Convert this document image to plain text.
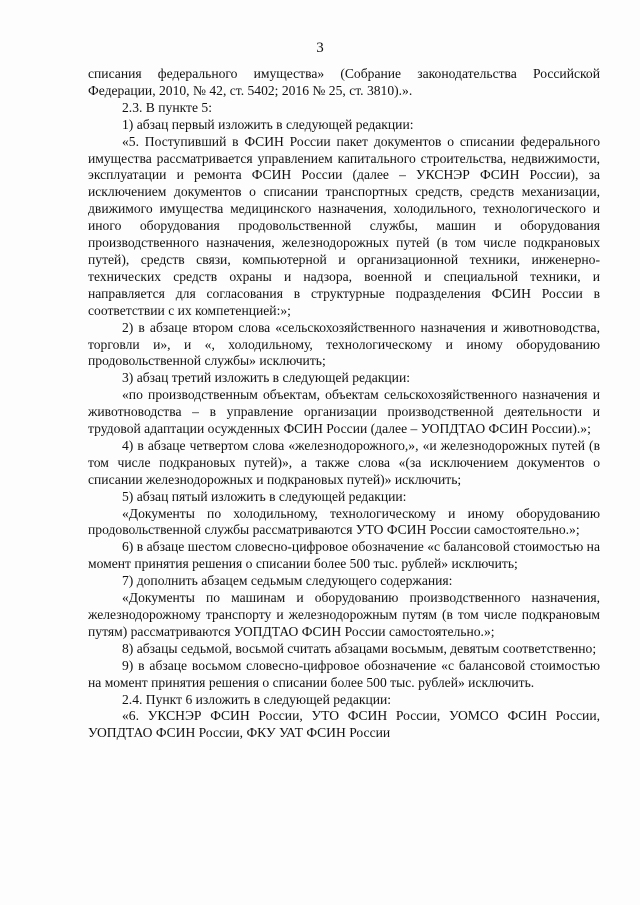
3

списания федерального имущества» (Собрание законодательства Российской Федерации, 2010, № 42, ст. 5402; 2016 № 25, ст. 3810).».

2.3. В пункте 5:

1) абзац первый изложить в следующей редакции:

«5. Поступивший в ФСИН России пакет документов о списании федерального имущества рассматривается управлением капитального строительства, недвижимости, эксплуатации и ремонта ФСИН России (далее – УКСНЭР ФСИН России), за исключением документов о списании транспортных средств, средств механизации, движимого имущества медицинского назначения, холодильного, технологического и иного оборудования продовольственной службы, машин и оборудования производственного назначения, железнодорожных путей (в том числе подкрановых путей), средств связи, компьютерной и организационной техники, инженерно-технических средств охраны и надзора, военной и специальной техники, и направляется для согласования в структурные подразделения ФСИН России в соответствии с их компетенцией:»;

2) в абзаце втором слова «сельскохозяйственного назначения и животноводства, торговли и», и «, холодильному, технологическому и иному оборудованию продовольственной службы» исключить;

3) абзац третий изложить в следующей редакции:

«по производственным объектам, объектам сельскохозяйственного назначения и животноводства – в управление организации производственной деятельности и трудовой адаптации осужденных ФСИН России (далее – УОПДТАО ФСИН России).»;

4) в абзаце четвертом слова «железнодорожного,», «и железнодорожных путей (в том числе подкрановых путей)», а также слова «(за исключением документов о списании железнодорожных и подкрановых путей)» исключить;

5) абзац пятый изложить в следующей редакции:

«Документы по холодильному, технологическому и иному оборудованию продовольственной службы рассматриваются УТО ФСИН России самостоятельно.»;

6) в абзаце шестом словесно-цифровое обозначение «с балансовой стоимостью на момент принятия решения о списании более 500 тыс. рублей» исключить;

7) дополнить абзацем седьмым следующего содержания:

«Документы по машинам и оборудованию производственного назначения, железнодорожному транспорту и железнодорожным путям (в том числе подкрановым путям) рассматриваются УОПДТАО ФСИН России самостоятельно.»;

8) абзацы седьмой, восьмой считать абзацами восьмым, девятым соответственно;

9) в абзаце восьмом словесно-цифровое обозначение «с балансовой стоимостью на момент принятия решения о списании более 500 тыс. рублей» исключить.

2.4. Пункт 6 изложить в следующей редакции:

«6. УКСНЭР ФСИН России, УТО ФСИН России, УОМСО ФСИН России, УОПДТАО ФСИН России, ФКУ УАТ ФСИН России
